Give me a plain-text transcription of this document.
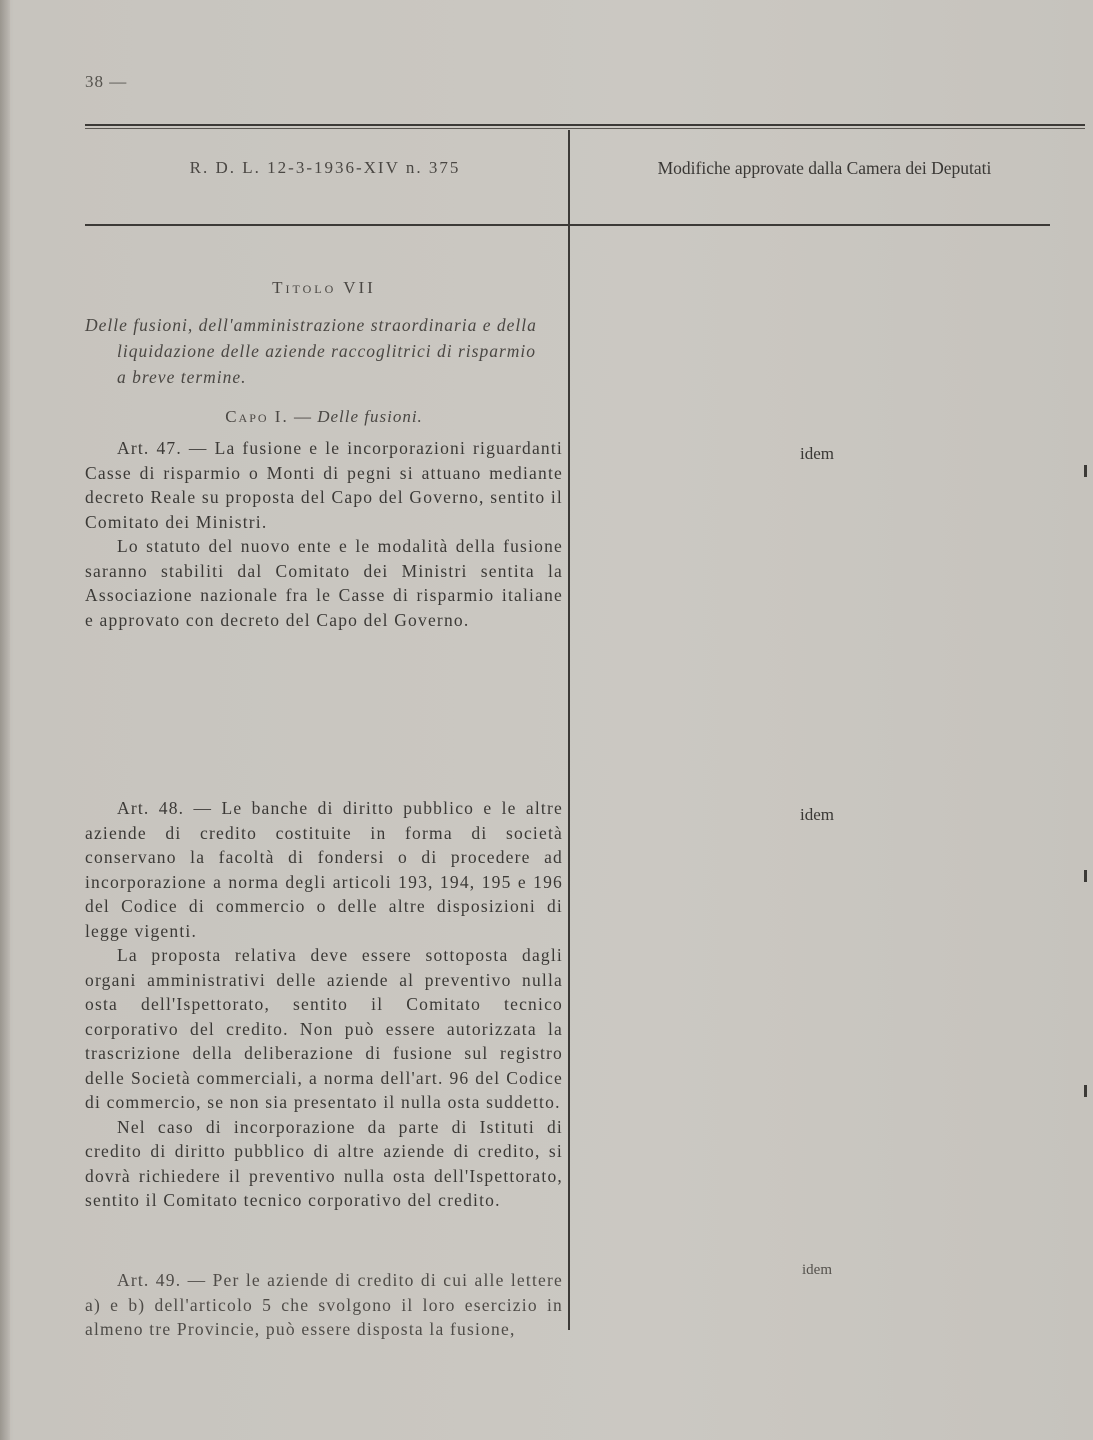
38 —
R. D. L. 12-3-1936-XIV n. 375	Modifiche approvate dalla Camera dei Deputati
Titolo VII
Delle fusioni, dell'amministrazione straordinaria e della
liquidazione delle aziende raccoglitrici di risparmio
a breve termine.
Capo I. — Delle fusioni.

Art. 47. — La fusione e le incorporazioni riguardanti Casse di risparmio o Monti di pegni si attuano mediante decreto Reale su proposta del Capo del Governo, sentito il Comitato dei Ministri.

Lo statuto del nuovo ente e le modalità della fusione saranno stabiliti dal Comitato dei Ministri sentita la Associazione nazionale fra le Casse di risparmio italiane e approvato con decreto del Capo del Governo.

idem

Art. 48. — Le banche di diritto pubblico e le altre aziende di credito costituite in forma di società conservano la facoltà di fondersi o di procedere ad incorporazione a norma degli articoli 193, 194, 195 e 196 del Codice di commercio o delle altre disposizioni di legge vigenti.

La proposta relativa deve essere sottoposta dagli organi amministrativi delle aziende al preventivo nulla osta dell'Ispettorato, sentito il Comitato tecnico corporativo del credito. Non può essere autorizzata la trascrizione della deliberazione di fusione sul registro delle Società commerciali, a norma dell'art. 96 del Codice di commercio, se non sia presentato il nulla osta suddetto.

Nel caso di incorporazione da parte di Istituti di credito di diritto pubblico di altre aziende di credito, si dovrà richiedere il preventivo nulla osta dell'Ispettorato, sentito il Comitato tecnico corporativo del credito.

idem

Art. 49. — Per le aziende di credito di cui alle lettere a) e b) dell'articolo 5 che svolgono il loro esercizio in almeno tre Provincie, può essere disposta la fusione,

idem
